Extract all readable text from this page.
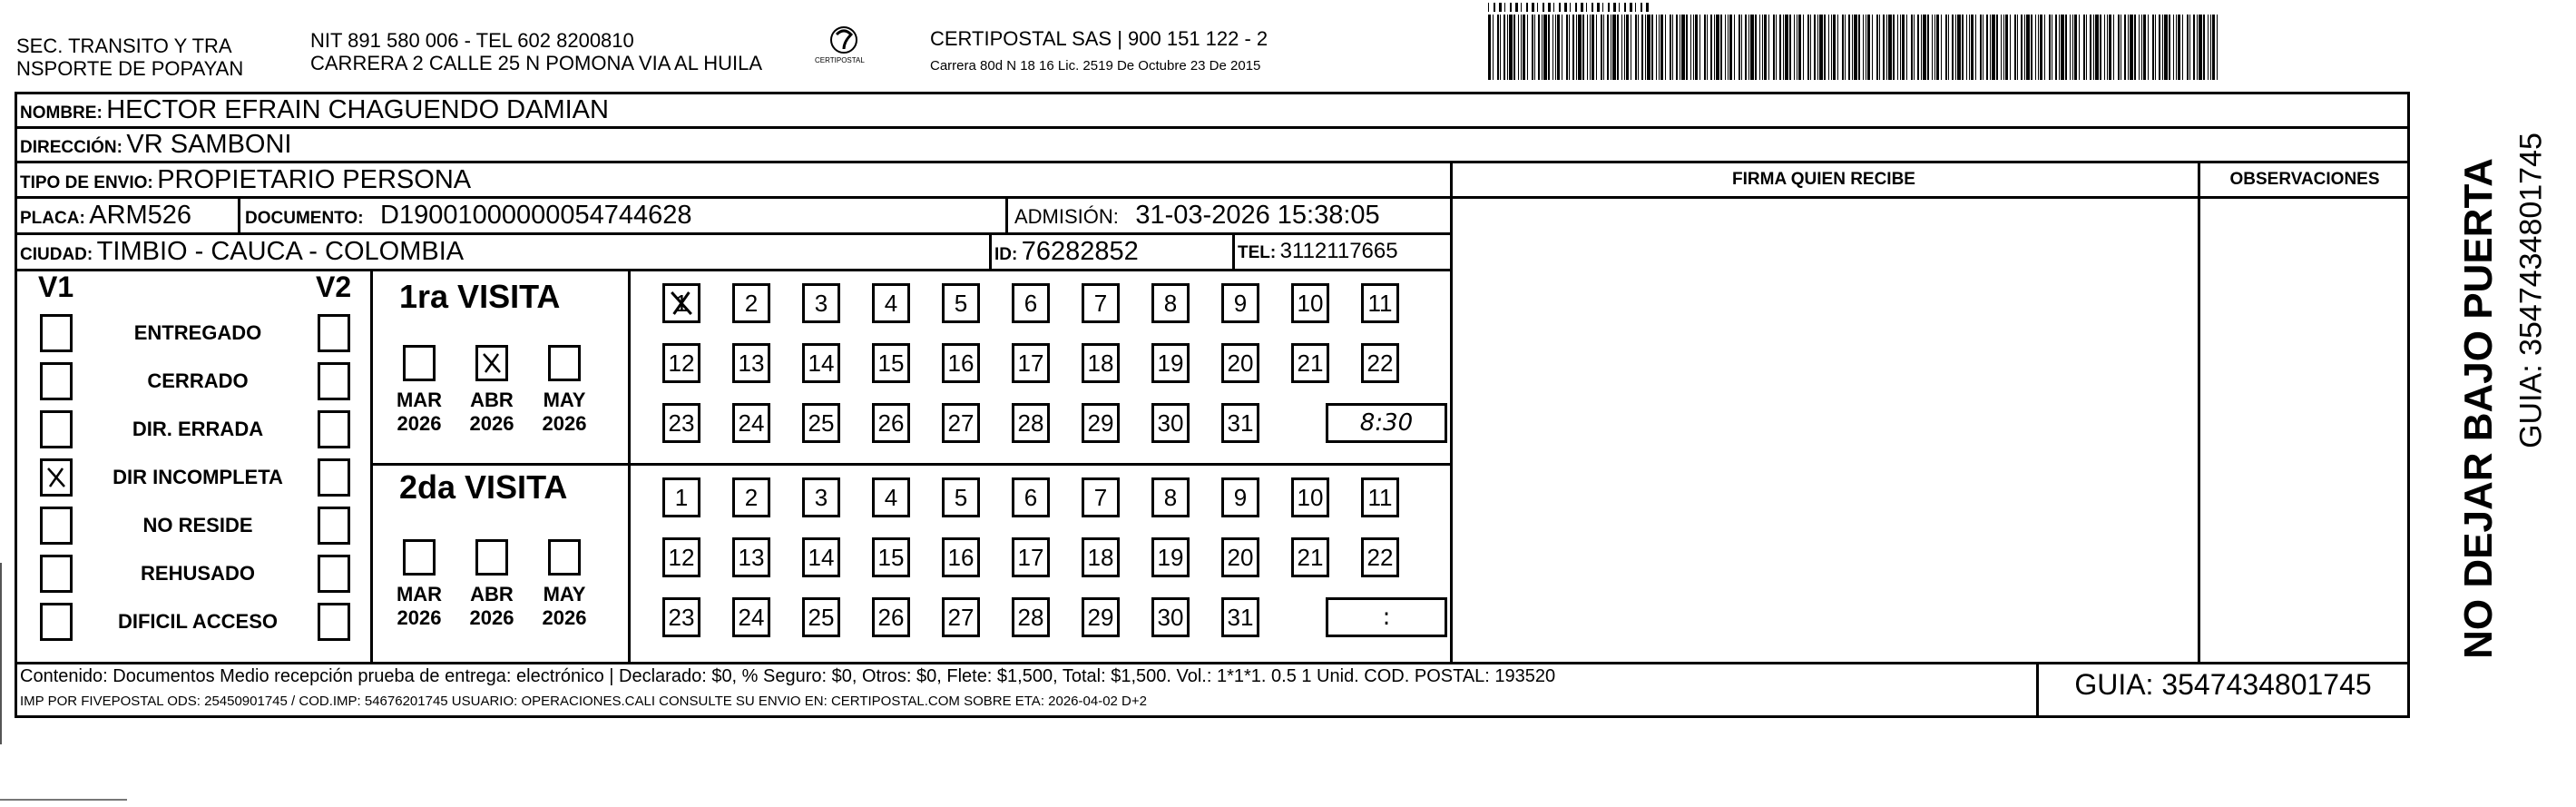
SEC. TRANSITO Y TRA
NSPORTE DE POPAYAN
NIT 891 580 006 - TEL 602 8200810
CARRERA 2 CALLE 25 N POMONA VIA AL HUILA	CERTIPOSTAL
CERTIPOSTAL SAS | 900 151 122 - 2
Carrera 80d N 18 16 Lic. 2519 De Octubre 23 De 2015
NOMBRE: HECTOR EFRAIN CHAGUENDO DAMIAN
DIRECCIÓN: VR SAMBONI
TIPO DE ENVIO: PROPIETARIO PERSONA	FIRMA QUIEN RECIBE	OBSERVACIONES
PLACA: ARM526	DOCUMENTO: D19001000000054744628	ADMISIÓN: 31-03-2026 15:38:05
CIUDAD: TIMBIO - CAUCA - COLOMBIA	ID: 76282852	TEL: 3112117665
V1	V2
ENTREGADO
CERRADO
DIR. ERRADA
DIR INCOMPLETA
NO RESIDE
REHUSADO
DIFICIL ACCESO
1ra VISITA
2da VISITA
MAR
2026
ABR
2026
MAY
2026
1	2	3	4	5	6	7	8	9	10 11
12 13 14 15 16 17 18 19 20 21 22
23 24 25 26 27 28 29 30 31	8:30
MAR
2026
ABR
2026
MAY
2026
1	2	3	4	5	6	7	8	9	10 11
12 13 14 15 16 17 18 19 20 21 22
23 24 25 26 27 28 29 30 31	:
Contenido: Documentos Medio recepción prueba de entrega: electrónico | Declarado: $0, % Seguro: $0, Otros: $0, Flete: $1,500, Total: $1,500. Vol.: 1*1*1. 0.5 1 Unid. COD. POSTAL: 193520
IMP POR FIVEPOSTAL ODS: 25450901745 / COD.IMP: 54676201745 USUARIO: OPERACIONES.CALI CONSULTE SU ENVIO EN: CERTIPOSTAL.COM SOBRE ETA: 2026-04-02 D+2
GUIA: 3547434801745
NO DEJAR BAJO PUERTA GUIA: 3547434801745
